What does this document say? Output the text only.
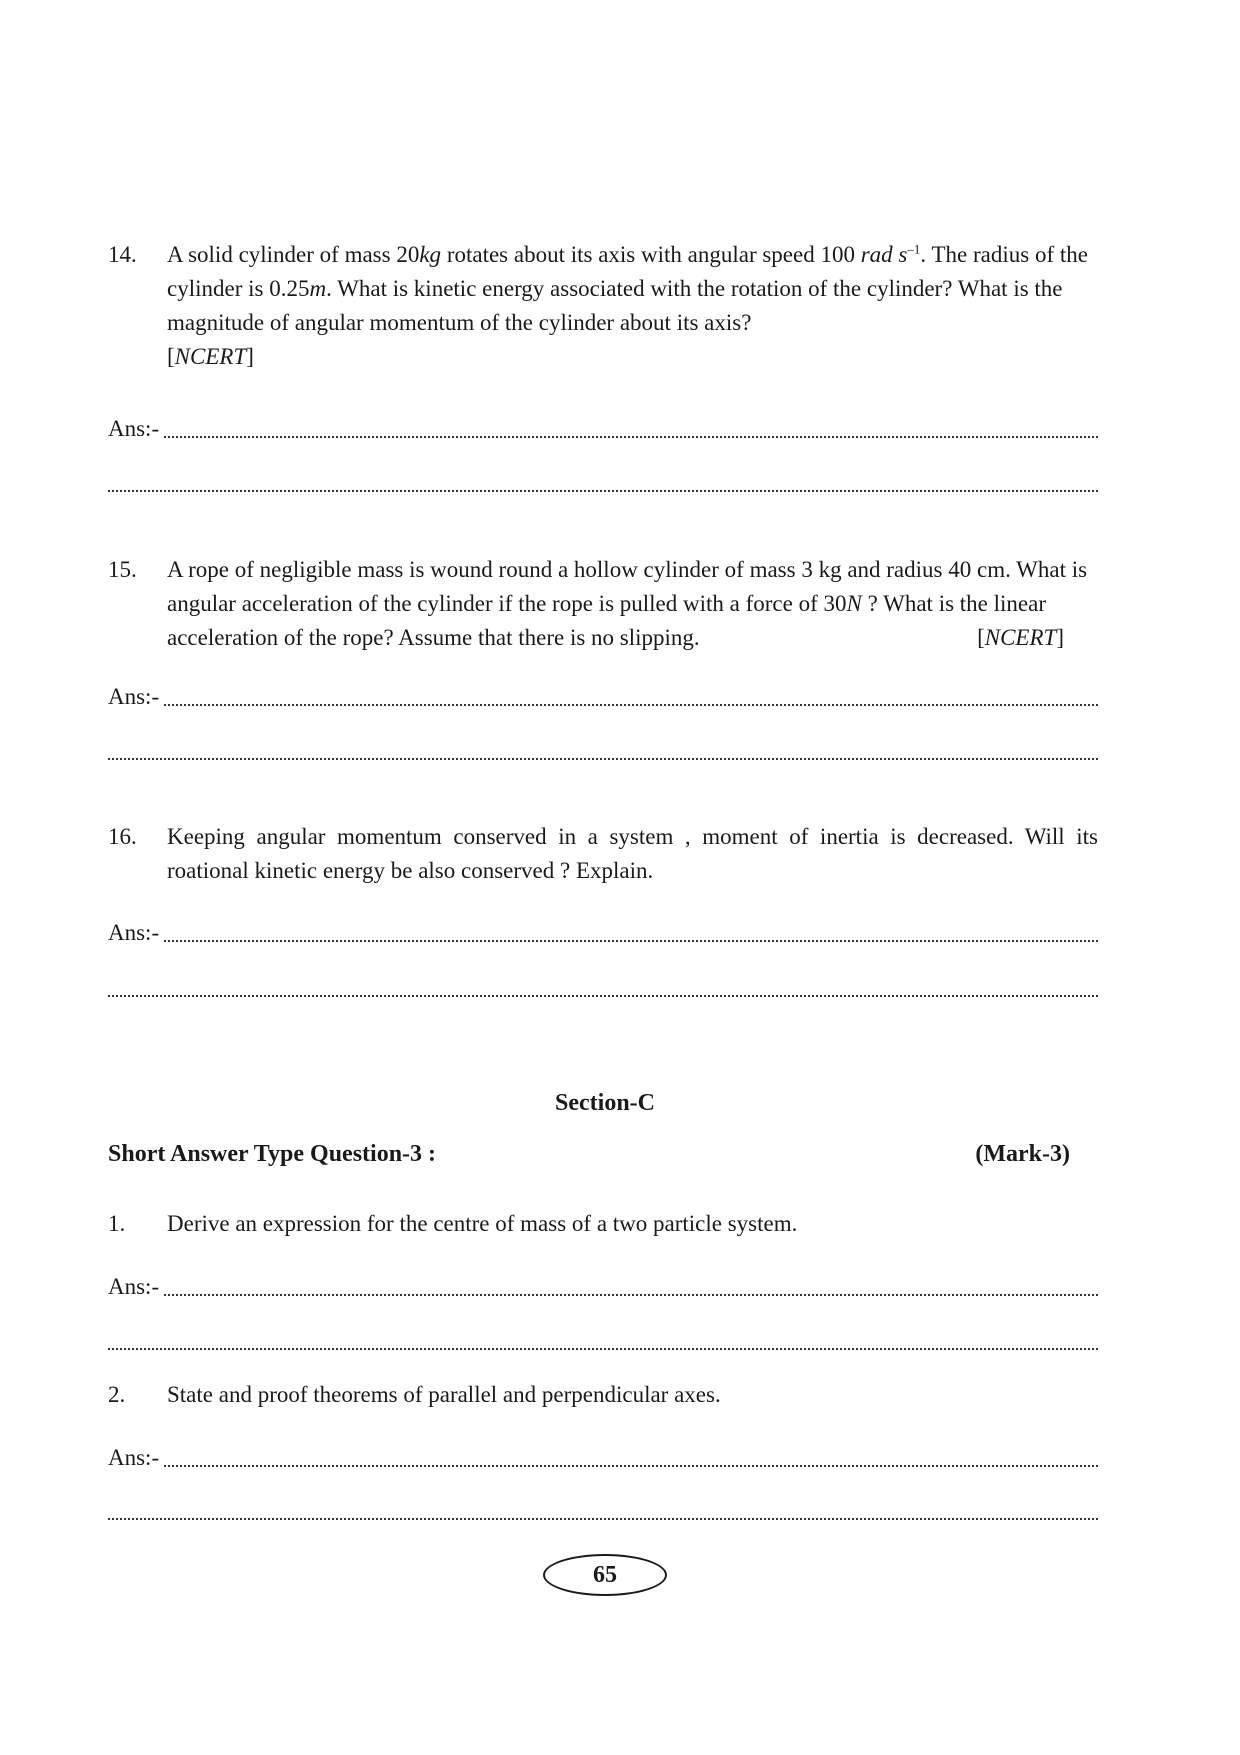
14.	A solid cylinder of mass 20kg rotates about its axis with angular speed 100 rad $s^{-1}$. The radius of the cylinder is 0.25m. What is kinetic energy associated with the rotation of the cylinder? What is the magnitude of angular momentum of the cylinder about its axis?
[NCERT]
Ans:-
15.	A rope of negligible mass is wound round a hollow cylinder of mass 3 kg and radius 40 cm. What is angular acceleration of the cylinder if the rope is pulled with a force of 30N ? What is the linear acceleration of the rope? Assume that there is no slipping.	[NCERT]
Ans:-
16.	Keeping angular momentum conserved in a system , moment of inertia is decreased. Will its roational kinetic energy be also conserved ? Explain.
Ans:-
Section-C
Short Answer Type Question-3 :	(Mark-3)
1.	Derive an expression for the centre of mass of a two particle system.
Ans:-
2.	State and proof theorems of parallel and perpendicular axes.
Ans:-
65
